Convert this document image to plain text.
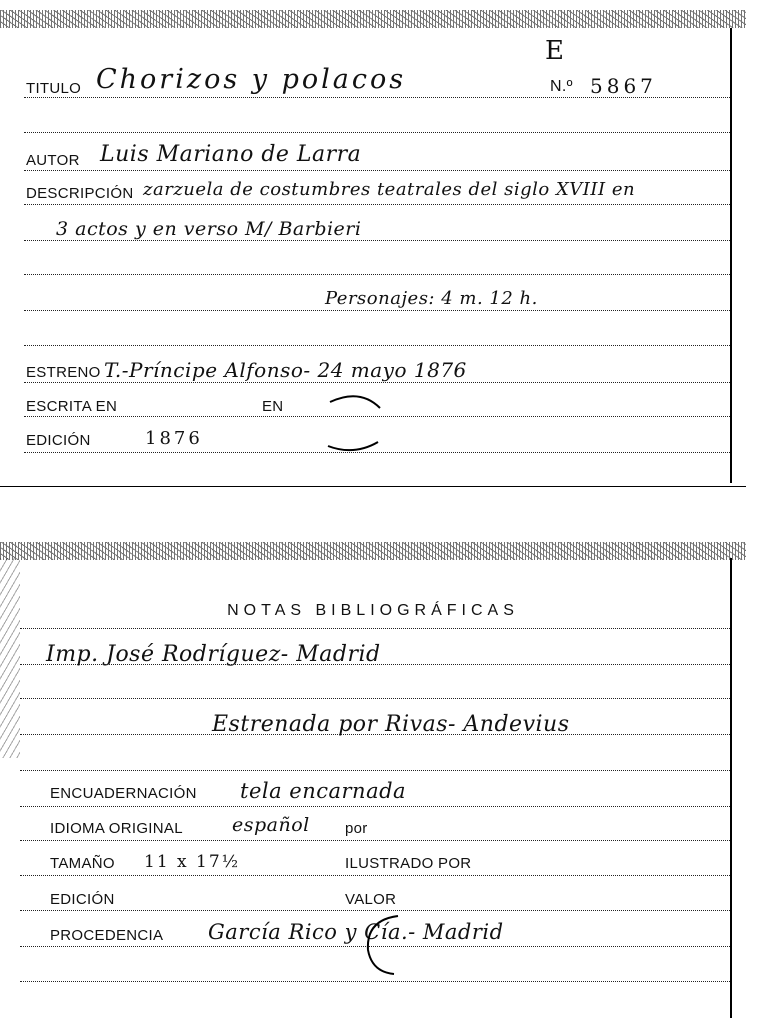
E
TITULO Chorizos y polacos	N.º 5867
AUTOR Luis Mariano de Larra
DESCRIPCIÓN zarzuela de costumbres teatrales del siglo XVIII en
3 actos y en verso M/ Barbieri
Personajes: 4 m. 12 h.
ESTRENO T.-Príncipe Alfonso- 24 mayo 1876
ESCRITA EN	EN
EDICIÓN	1876
NOTAS BIBLIOGRÁFICAS
Imp. José Rodríguez- Madrid
Estrenada por Rivas- Andevius
ENCUADERNACIÓN tela encarnada
IDIOMA ORIGINAL	español por
TAMAÑO 11 x 17½	ILUSTRADO POR
EDICIÓN	VALOR
PROCEDENCIA García Rico y Cía.- Madrid
